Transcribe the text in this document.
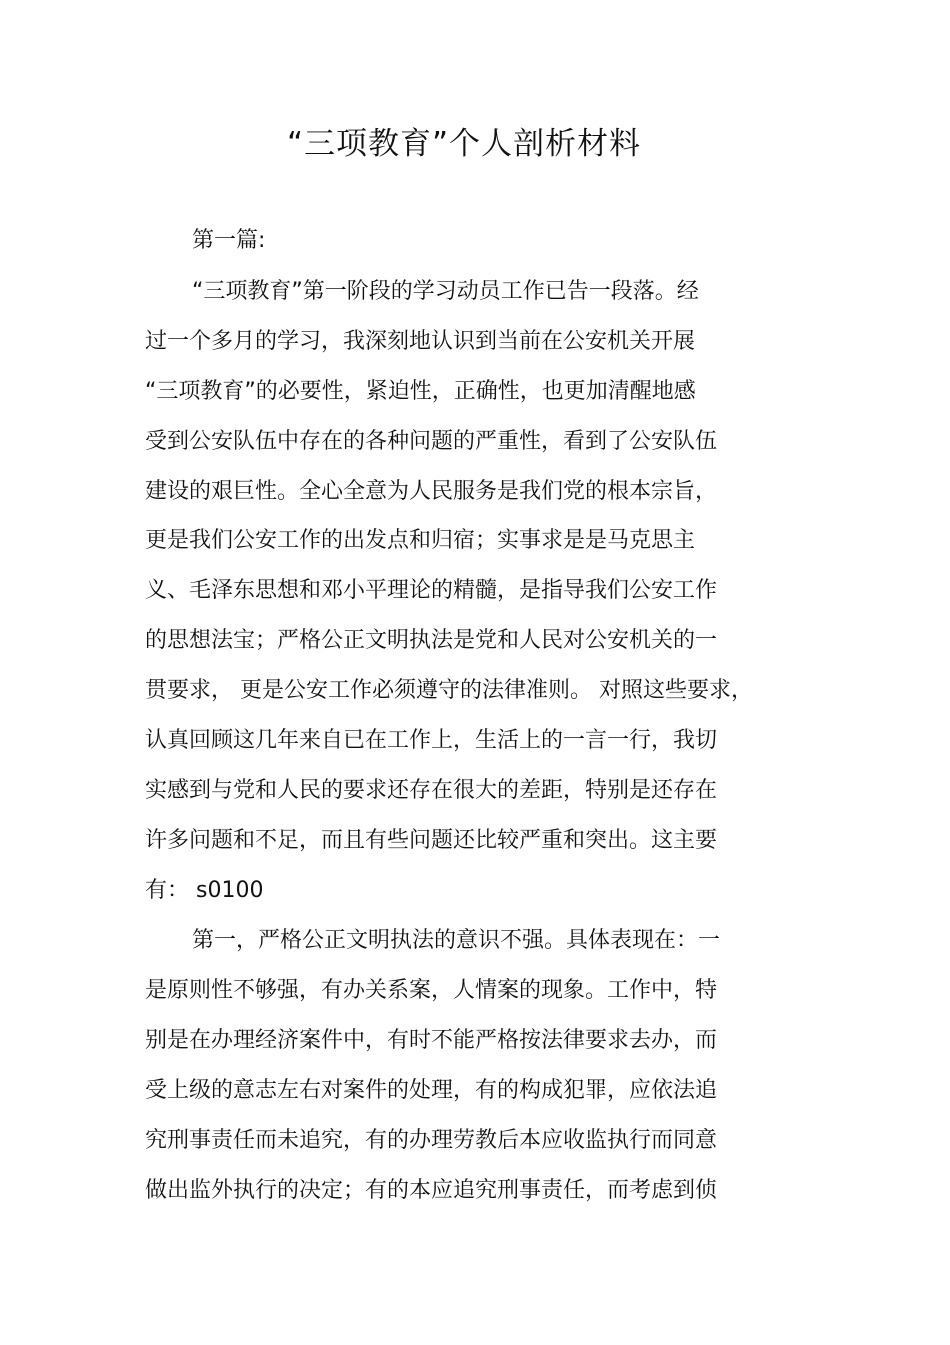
“三项教育”个人剖析材料
第一篇:
“三项教育”第一阶段的学习动员工作已告一段落。经
过一个多月的学习，我深刻地认识到当前在公安机关开展
“三项教育”的必要性，紧迫性，正确性，也更加清醒地感
受到公安队伍中存在的各种问题的严重性，看到了公安队伍
建设的艰巨性。全心全意为人民服务是我们党的根本宗旨，
更是我们公安工作的出发点和归宿；实事求是是马克思主
义、毛泽东思想和邓小平理论的精髓，是指导我们公安工作
的思想法宝；严格公正文明执法是党和人民对公安机关的一
贯要求， 更是公安工作必须遵守的法律准则。 对照这些要求，
认真回顾这几年来自已在工作上，生活上的一言一行，我切
实感到与党和人民的要求还存在很大的差距，特别是还存在
许多问题和不足，而且有些问题还比较严重和突出。这主要
有： s0100
第一，严格公正文明执法的意识不强。具体表现在：一
是原则性不够强，有办关系案，人情案的现象。工作中，特
别是在办理经济案件中，有时不能严格按法律要求去办，而
受上级的意志左右对案件的处理，有的构成犯罪，应依法追
究刑事责任而未追究，有的办理劳教后本应收监执行而同意
做出监外执行的决定；有的本应追究刑事责任，而考虑到侦
